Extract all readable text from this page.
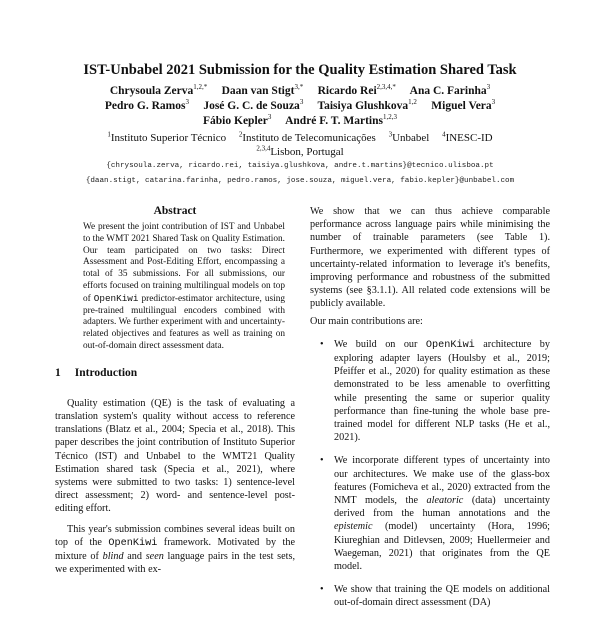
IST-Unbabel 2021 Submission for the Quality Estimation Shared Task
Chrysoula Zerva$^{1,2,*}$ Daan van Stigt$^{3,*}$ Ricardo Rei$^{2,3,4,*}$ Ana C. Farinha$^3$
Pedro G. Ramos$^3$ José G. C. de Souza$^3$ Taisiya Glushkova$^{1,2}$ Miguel Vera$^3$
Fábio Kepler$^3$ André F. T. Martins$^{1,2,3}$
$^1$Instituto Superior Técnico $^2$Instituto de Telecomunicações $^3$Unbabel $^4$INESC-ID
$^{2,3,4}$Lisbon, Portugal
{chrysoula.zerva, ricardo.rei, taisiya.glushkova, andre.t.martins}@tecnico.ulisboa.pt
{daan.stigt, catarina.farinha, pedro.ramos, jose.souza, miguel.vera, fabio.kepler}@unbabel.com
Abstract
We present the joint contribution of IST and Unbabel to the WMT 2021 Shared Task on Quality Estimation. Our team participated on two tasks: Direct Assessment and Post-Editing Effort, encompassing a total of 35 submissions. For all submissions, our efforts focused on training multilingual models on top of OpenKiwi predictor-estimator architecture, using pre-trained multilingual encoders combined with adapters. We further experiment with and uncertainty-related objectives and features as well as training on out-of-domain direct assessment data.
1 Introduction

Quality estimation (QE) is the task of evaluating a translation system's quality without access to reference translations (Blatz et al., 2004; Specia et al., 2018). This paper describes the joint contribution of Instituto Superior Técnico (IST) and Unbabel to the WMT21 Quality Estimation shared task (Specia et al., 2021), where systems were submitted to two tasks: 1) sentence-level direct assessment; 2) word- and sentence-level post-editing effort.

This year's submission combines several ideas built on top of the OpenKiwi framework. Motivated by the mixture of blind and seen language pairs in the test sets, we experimented with ex-

We show that we can thus achieve comparable performance across language pairs while minimising the number of trainable parameters (see Table 1). Furthermore, we experimented with different types of uncertainty-related information to leverage it's benefits, improving performance and robustness of the submitted systems (see §3.1.1). All related code extensions will be publicly available.

Our main contributions are:

• We build on our OpenKiwi architecture by exploring adapter layers (Houlsby et al., 2019; Pfeiffer et al., 2020) for quality estimation as these demonstrated to be less amenable to overfitting while presenting the same or superior quality performance than fine-tuning the whole base pre-trained model for different NLP tasks (He et al., 2021).
• We incorporate different types of uncertainty into our architectures. We make use of the glass-box features (Fomicheva et al., 2020) extracted from the NMT models, the aleatoric (data) uncertainty derived from the human annotations and the epistemic (model) uncertainty (Hora, 1996; Kiureghian and Ditlevsen, 2009; Huellermeier and Waegeman, 2021) that originates from the QE model.
• We show that training the QE models on additional out-of-domain direct assessment (DA)
